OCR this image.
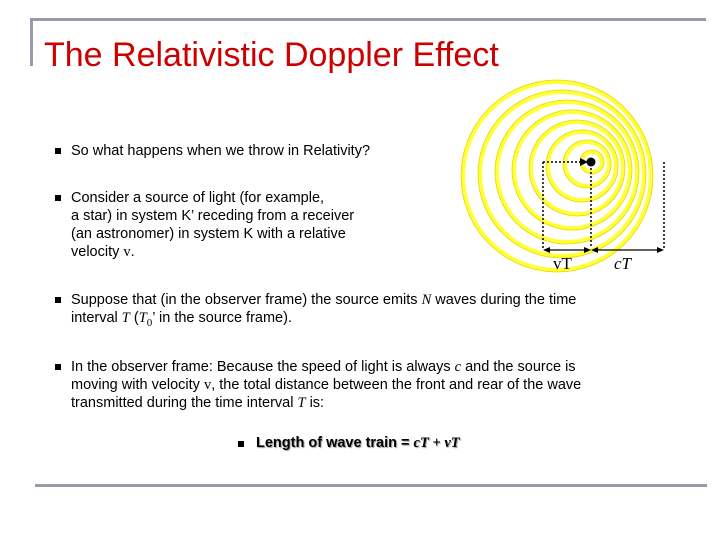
The Relativistic Doppler Effect
vT cT
So what happens when we throw in Relativity?
Consider a source of light (for example,
a star) in system K’ receding from a receiver
(an astronomer) in system K with a relative
velocity v.
Suppose that (in the observer frame) the source emits N waves during the time
interval T ($T_0$’ in the source frame).
In the observer frame: Because the speed of light is always c and the source is
moving with velocity v, the total distance between the front and rear of the wave
transmitted during the time interval T is:
Length of wave train = cT + vT
